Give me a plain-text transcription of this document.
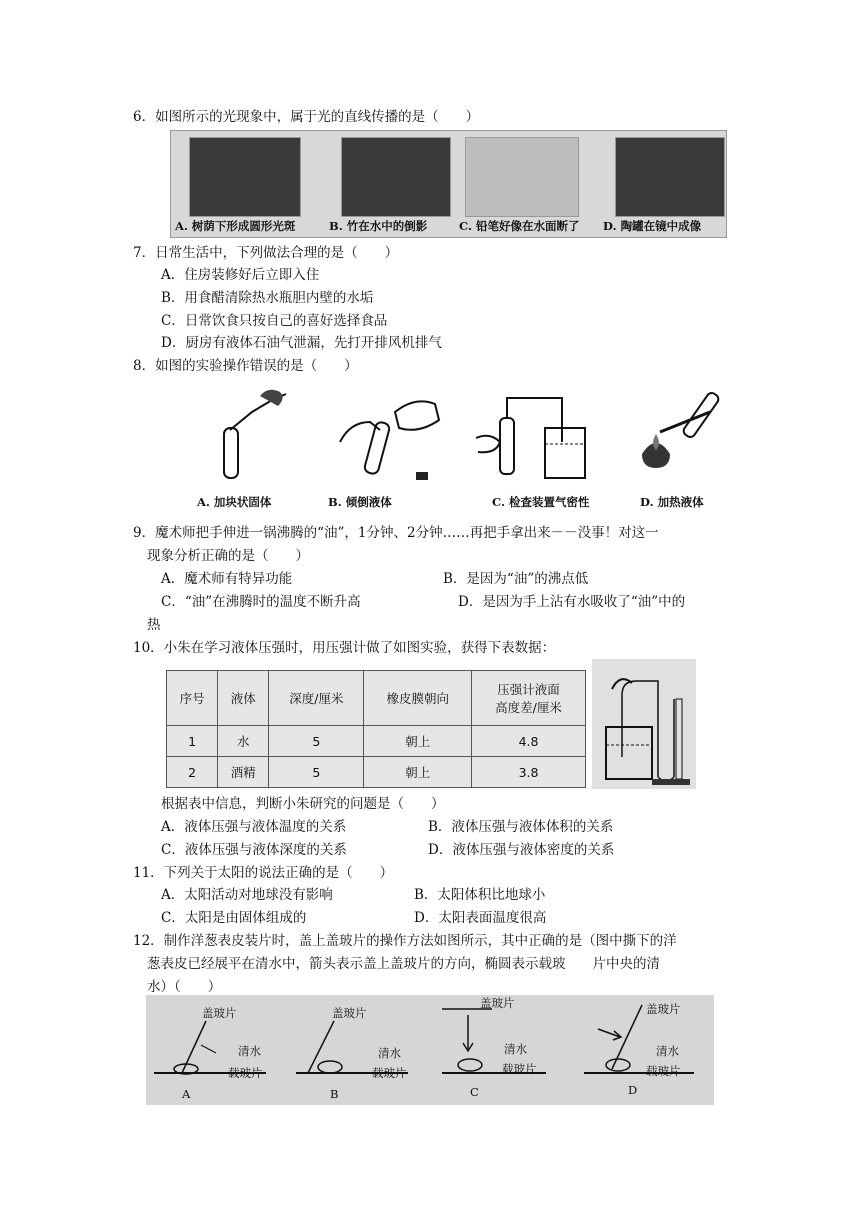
6．如图所示的光现象中，属于光的直线传播的是（　　）
A. 树荫下形成圆形光斑	B. 竹在水中的倒影	C. 铅笔好像在水面断了 D. 陶罐在镜中成像
7．日常生活中，下列做法合理的是（　　）
A．住房装修好后立即入住
B．用食醋清除热水瓶胆内壁的水垢
C．日常饮食只按自己的喜好选择食品
D．厨房有液体石油气泄漏，先打开排风机排气
8．如图的实验操作错误的是（　　）
A. 加块状固体	B. 倾倒液体	C. 检查装置气密性	D. 加热液体
9．魔术师把手伸进一锅沸腾的“油”，1分钟、2分钟……再把手拿出来－－没事！对这一
现象分析正确的是（　　）
A．魔术师有特异功能	B．是因为“油”的沸点低
C．“油”在沸腾时的温度不断升高	D．是因为手上沾有水吸收了“油”中的
热
10．小朱在学习液体压强时，用压强计做了如图实验，获得下表数据：
序号	液体	深度/厘米	橡皮膜朝向	压强计液面
高度差/厘米

1	水	5	朝上	4.8
2	酒精	5	朝上	3.8
根据表中信息，判断小朱研究的问题是（　　）
A．液体压强与液体温度的关系	B．液体压强与液体体积的关系
C．液体压强与液体深度的关系	D．液体压强与液体密度的关系
11．下列关于太阳的说法正确的是（　　）
A．太阳活动对地球没有影响	B．太阳体积比地球小
C．太阳是由固体组成的	D．太阳表面温度很高
12．制作洋葱表皮装片时，盖上盖玻片的操作方法如图所示，其中正确的是（图中撕下的洋
葱表皮已经展平在清水中，箭头表示盖上盖玻片的方向，椭圆表示载玻　　片中央的清
水）（　　）
盖玻片
清水
载玻片
A
盖玻片
清水
载玻片
B
盖玻片
清水
载玻片
C
盖玻片
清水
载玻片
D
